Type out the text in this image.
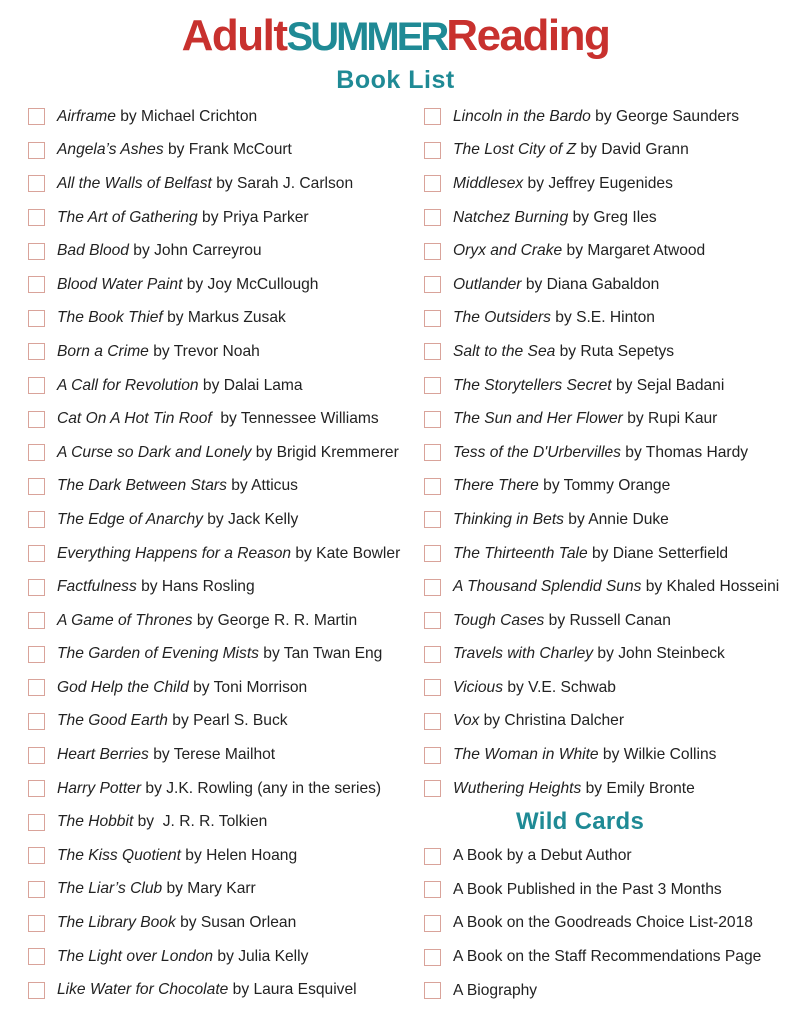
AdultSUMMERReading
Book List
Airframe by Michael Crichton
Angela’s Ashes by Frank McCourt
All the Walls of Belfast by Sarah J. Carlson
The Art of Gathering by Priya Parker
Bad Blood by John Carreyrou
Blood Water Paint by Joy McCullough
The Book Thief by Markus Zusak
Born a Crime by Trevor Noah
A Call for Revolution by Dalai Lama
Cat On A Hot Tin Roof by Tennessee Williams
A Curse so Dark and Lonely by Brigid Kremmerer
The Dark Between Stars by Atticus
The Edge of Anarchy by Jack Kelly
Everything Happens for a Reason by Kate Bowler
Factfulness by Hans Rosling
A Game of Thrones by George R. R. Martin
The Garden of Evening Mists by Tan Twan Eng
God Help the Child by Toni Morrison
The Good Earth by Pearl S. Buck
Heart Berries by Terese Mailhot
Harry Potter by J.K. Rowling (any in the series)
The Hobbit by  J. R. R. Tolkien
The Kiss Quotient by Helen Hoang
The Liar’s Club by Mary Karr
The Library Book by Susan Orlean
The Light over London by Julia Kelly
Like Water for Chocolate by Laura Esquivel
Lincoln in the Bardo by George Saunders
The Lost City of Z by David Grann
Middlesex by Jeffrey Eugenides
Natchez Burning by Greg Iles
Oryx and Crake by Margaret Atwood
Outlander by Diana Gabaldon
The Outsiders by S.E. Hinton
Salt to the Sea by Ruta Sepetys
The Storytellers Secret by Sejal Badani
The Sun and Her Flower by Rupi Kaur
Tess of the D'Urbervilles by Thomas Hardy
There There by Tommy Orange
Thinking in Bets by Annie Duke
The Thirteenth Tale by Diane Setterfield
A Thousand Splendid Suns by Khaled Hosseini
Tough Cases by Russell Canan
Travels with Charley by John Steinbeck
Vicious by V.E. Schwab
Vox by Christina Dalcher
The Woman in White by Wilkie Collins
Wuthering Heights by Emily Bronte
Wild Cards
A Book by a Debut Author
A Book Published in the Past 3 Months
A Book on the Goodreads Choice List-2018
A Book on the Staff Recommendations Page
A Biography
